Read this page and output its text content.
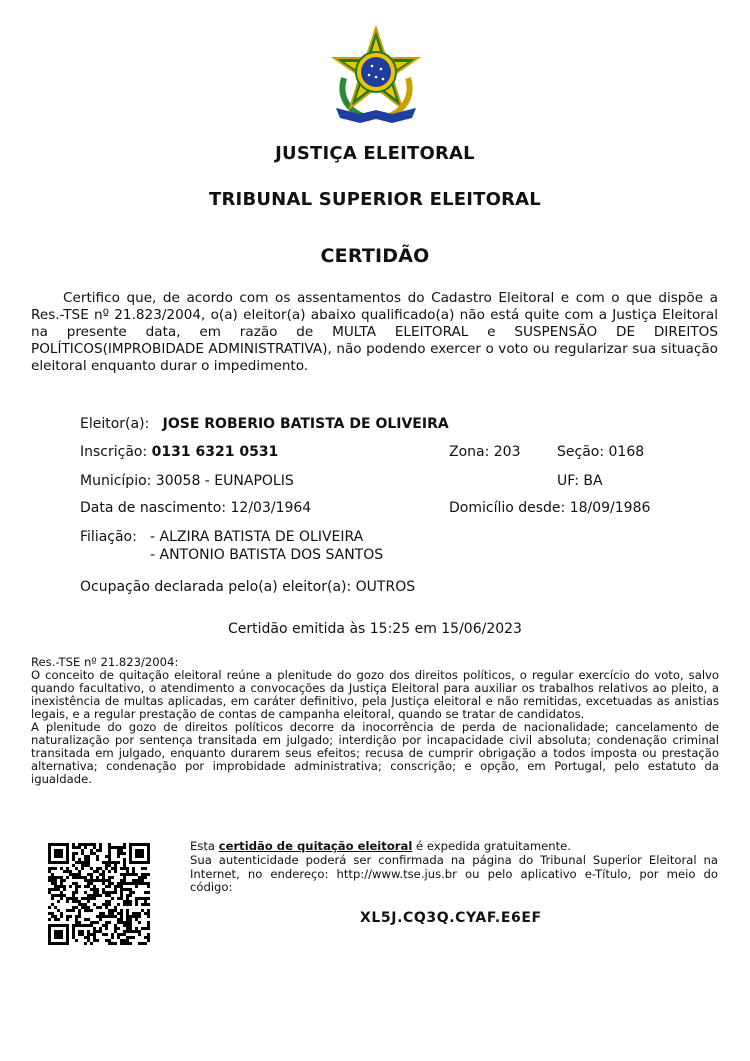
JUSTIÇA ELEITORAL
TRIBUNAL SUPERIOR ELEITORAL
CERTIDÃO
Certifico que, de acordo com os assentamentos do Cadastro Eleitoral e com o que dispõe a Res.-TSE nº 21.823/2004, o(a) eleitor(a) abaixo qualificado(a) não está quite com a Justiça Eleitoral na presente data, em razão de MULTA ELEITORAL e SUSPENSÃO DE DIREITOS POLÍTICOS(IMPROBIDADE ADMINISTRATIVA), não podendo exercer o voto ou regularizar sua situação eleitoral enquanto durar o impedimento.
Eleitor(a): JOSE ROBERIO BATISTA DE OLIVEIRA
Inscrição: 0131 6321 0531	Zona: 203	Seção: 0168
Município: 30058 - EUNAPOLIS	UF: BA
Data de nascimento: 12/03/1964	Domicílio desde: 18/09/1986
Filiação: - ALZIRA BATISTA DE OLIVEIRA
- ANTONIO BATISTA DOS SANTOS
Ocupação declarada pelo(a) eleitor(a): OUTROS
Certidão emitida às 15:25 em 15/06/2023
Res.-TSE nº 21.823/2004:
O conceito de quitação eleitoral reúne a plenitude do gozo dos direitos políticos, o regular exercício do voto, salvo quando facultativo, o atendimento a convocações da Justiça Eleitoral para auxiliar os trabalhos relativos ao pleito, a inexistência de multas aplicadas, em caráter definitivo, pela Justiça eleitoral e não remitidas, excetuadas as anistias legais, e a regular prestação de contas de campanha eleitoral, quando se tratar de candidatos.
A plenitude do gozo de direitos políticos decorre da inocorrência de perda de nacionalidade; cancelamento de naturalização por sentença transitada em julgado; interdição por incapacidade civil absoluta; condenação criminal transitada em julgado, enquanto durarem seus efeitos; recusa de cumprir obrigação a todos imposta ou prestação alternativa; condenação por improbidade administrativa; conscrição; e opção, em Portugal, pelo estatuto da igualdade.
Esta certidão de quitação eleitoral é expedida gratuitamente.
Sua autenticidade poderá ser confirmada na página do Tribunal Superior Eleitoral na Internet, no endereço: http://www.tse.jus.br ou pelo aplicativo e-Título, por meio do código:
XL5J.CQ3Q.CYAF.E6EF
